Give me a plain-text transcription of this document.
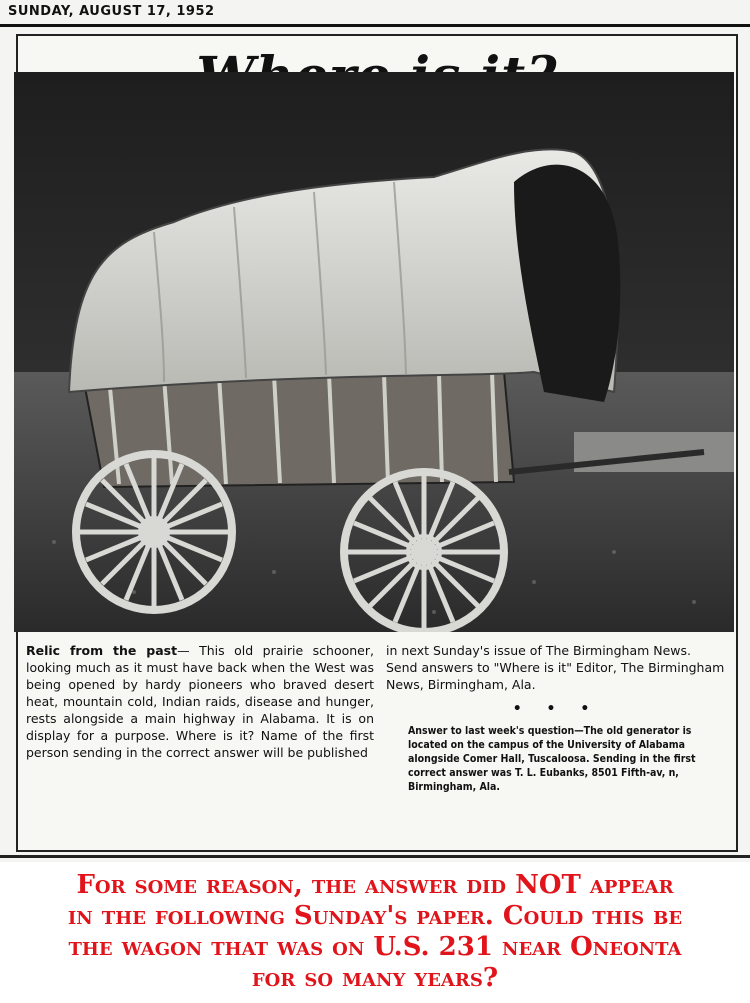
SUNDAY, AUGUST 17, 1952
Relic from the past— This old prairie schooner, looking much as it must have back when the West was being opened by hardy pioneers who braved desert heat, mountain cold, Indian raids, disease and hunger, rests alongside a main highway in Alabama. It is on display for a purpose. Where is it? Name of the first person sending in the correct answer will be published
in next Sunday's issue of The Birmingham News. Send answers to "Where is it" Editor, The Birmingham News, Birmingham, Ala.
• • •
Answer to last week's question—The old generator is located on the campus of the University of Alabama alongside Comer Hall, Tuscaloosa. Sending in the first correct answer was T. L. Eubanks, 8501 Fifth-av, n, Birmingham, Ala.
For some reason, the answer did NOT appear
in the following Sunday's paper. Could this be
the wagon that was on U.S. 231 near Oneonta
for so many years?
